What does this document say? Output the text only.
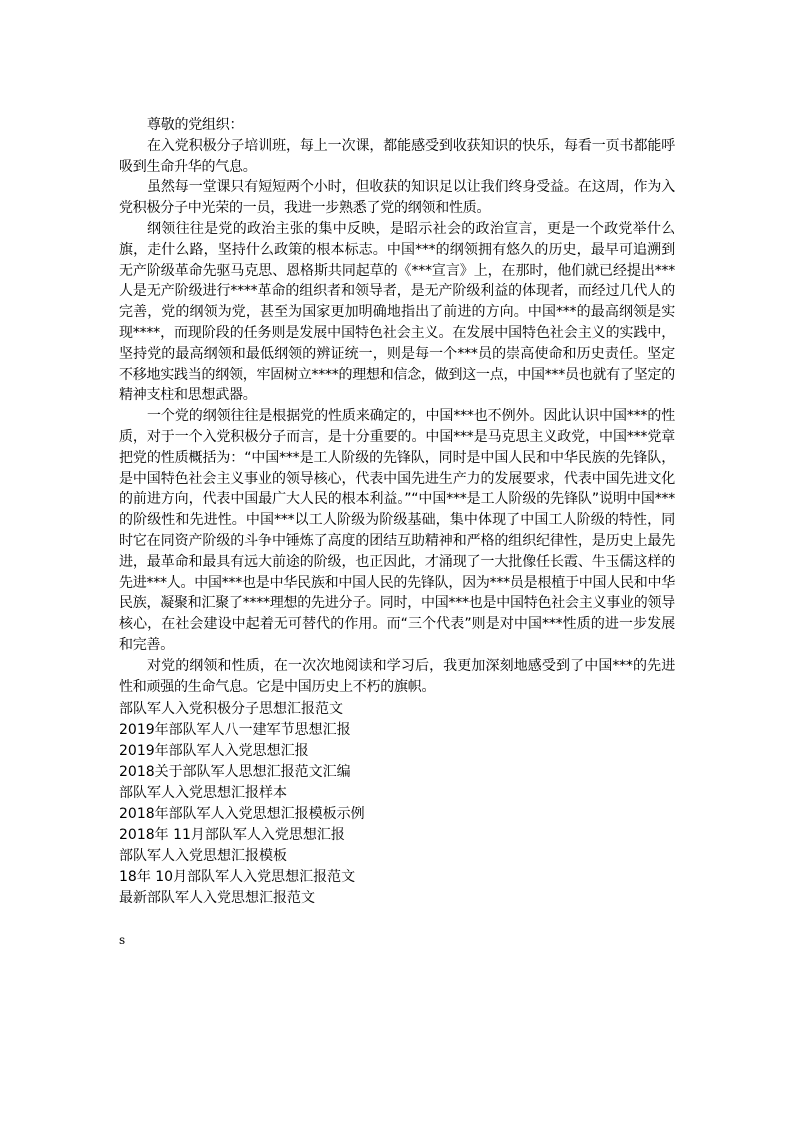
尊敬的党组织：

在入党积极分子培训班，每上一次课，都能感受到收获知识的快乐，每看一页书都能呼吸到生命升华的气息。

虽然每一堂课只有短短两个小时，但收获的知识足以让我们终身受益。在这周，作为入党积极分子中光荣的一员，我进一步熟悉了党的纲领和性质。

纲领往往是党的政治主张的集中反映，是昭示社会的政治宣言，更是一个政党举什么旗，走什么路，坚持什么政策的根本标志。中国***的纲领拥有悠久的历史，最早可追溯到无产阶级革命先驱马克思、恩格斯共同起草的《***宣言》上，在那时，他们就已经提出***人是无产阶级进行****革命的组织者和领导者，是无产阶级利益的体现者，而经过几代人的完善，党的纲领为党，甚至为国家更加明确地指出了前进的方向。中国***的最高纲领是实现****，而现阶段的任务则是发展中国特色社会主义。在发展中国特色社会主义的实践中，坚持党的最高纲领和最低纲领的辨证统一，则是每一个***员的崇高使命和历史责任。坚定不移地实践当的纲领，牢固树立****的理想和信念，做到这一点，中国***员也就有了坚定的精神支柱和思想武器。

一个党的纲领往往是根据党的性质来确定的，中国***也不例外。因此认识中国***的性质，对于一个入党积极分子而言，是十分重要的。中国***是马克思主义政党，中国***党章把党的性质概括为：“中国***是工人阶级的先锋队，同时是中国人民和中华民族的先锋队，是中国特色社会主义事业的领导核心，代表中国先进生产力的发展要求，代表中国先进文化的前进方向，代表中国最广大人民的根本利益。”“中国***是工人阶级的先锋队”说明中国***的阶级性和先进性。中国***以工人阶级为阶级基础，集中体现了中国工人阶级的特性，同时它在同资产阶级的斗争中锤炼了高度的团结互助精神和严格的组织纪律性，是历史上最先进，最革命和最具有远大前途的阶级，也正因此，才涌现了一大批像任长霞、牛玉儒这样的先进***人。中国***也是中华民族和中国人民的先锋队，因为***员是根植于中国人民和中华民族，凝聚和汇聚了****理想的先进分子。同时，中国***也是中国特色社会主义事业的领导核心，在社会建设中起着无可替代的作用。而“三个代表”则是对中国***性质的进一步发展和完善。

对党的纲领和性质，在一次次地阅读和学习后，我更加深刻地感受到了中国***的先进性和顽强的生命气息。它是中国历史上不朽的旗帜。

部队军人入党积极分子思想汇报范文
2019年部队军人八一建军节思想汇报
2019年部队军人入党思想汇报
2018关于部队军人思想汇报范文汇编
部队军人入党思想汇报样本
2018年部队军人入党思想汇报模板示例
2018年 11月部队军人入党思想汇报
部队军人入党思想汇报模板
18年 10月部队军人入党思想汇报范文
最新部队军人入党思想汇报范文
s
